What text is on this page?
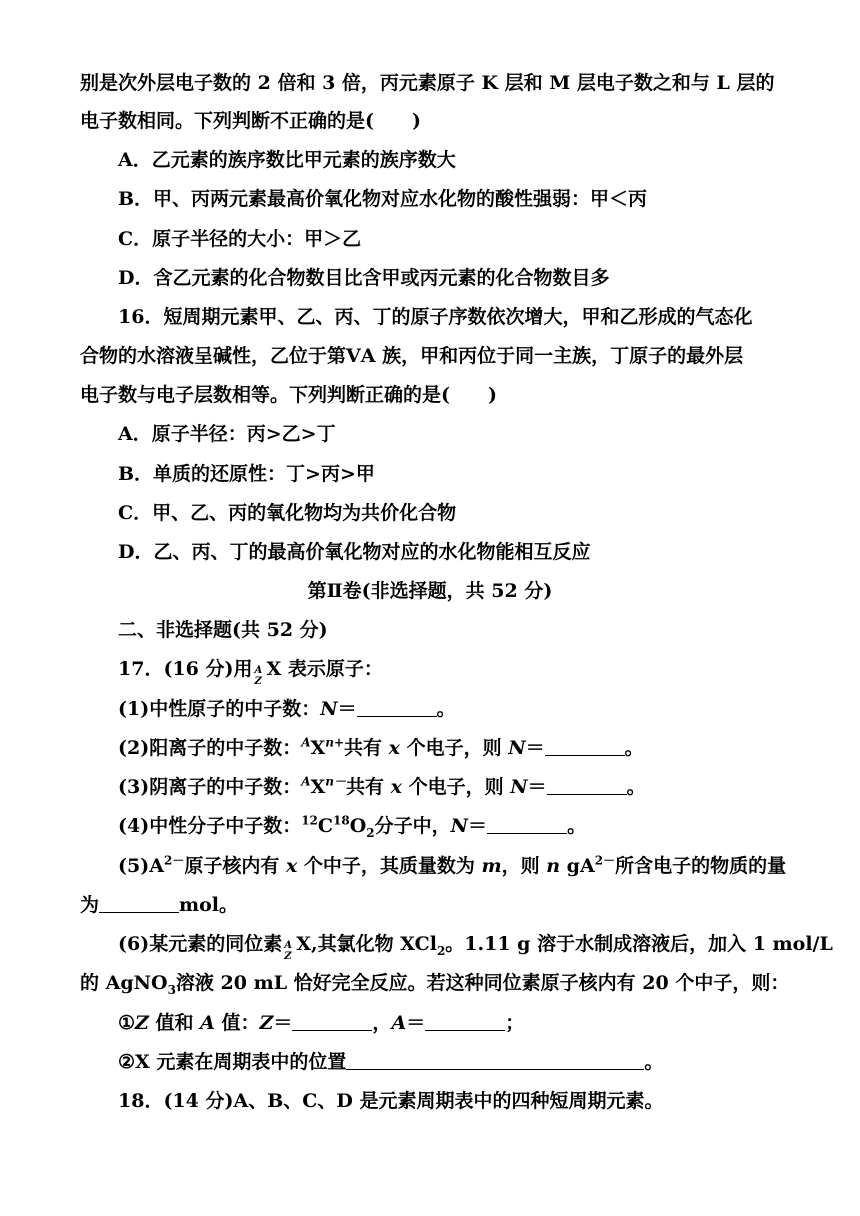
别是次外层电子数的 2 倍和 3 倍，丙元素原子 K 层和 M 层电子数之和与 L 层的
电子数相同。下列判断不正确的是(　　)
A．乙元素的族序数比甲元素的族序数大
B．甲、丙两元素最高价氧化物对应水化物的酸性强弱：甲＜丙
C．原子半径的大小：甲＞乙
D．含乙元素的化合物数目比含甲或丙元素的化合物数目多
16．短周期元素甲、乙、丙、丁的原子序数依次增大，甲和乙形成的气态化
合物的水溶液呈碱性，乙位于第ⅤA 族，甲和丙位于同一主族，丁原子的最外层
电子数与电子层数相等。下列判断正确的是(　　)
A．原子半径：丙>乙>丁
B．单质的还原性：丁>丙>甲
C．甲、乙、丙的氧化物均为共价化合物
D．乙、丙、丁的最高价氧化物对应的水化物能相互反应
第Ⅱ卷(非选择题，共 52 分)
二、非选择题(共 52 分)
17．(16 分)用 A
Z
X 表示原子：
(1)中性原子的中子数：N＝	。
(2)阳离子的中子数：$^AX^{n+}$共有 x 个电子，则 N＝	。
(3)阴离子的中子数：$^AX^{n-}$共有 x 个电子，则 N＝	。
(4)中性分子中子数：$^{12}C^{18}O_2$分子中，N＝	。
$(5)A^{2-}$原子核内有 x 个中子，其质量数为 m，则 n $gA^{2-}$所含电子的物质的量
为	mol。
(6)某元素的同位素 A
Z
X,其氯化物 XCl$_2$。1.11 g 溶于水制成溶液后，加入 1 mol/L
的 AgNO$_3$溶液 20 mL 恰好完全反应。若这种同位素原子核内有 20 个中子，则：
①Z 值和 A 值：Z＝	，A＝	；
②X 元素在周期表中的位置	。
18．(14 分)A、B、C、D 是元素周期表中的四种短周期元素。
